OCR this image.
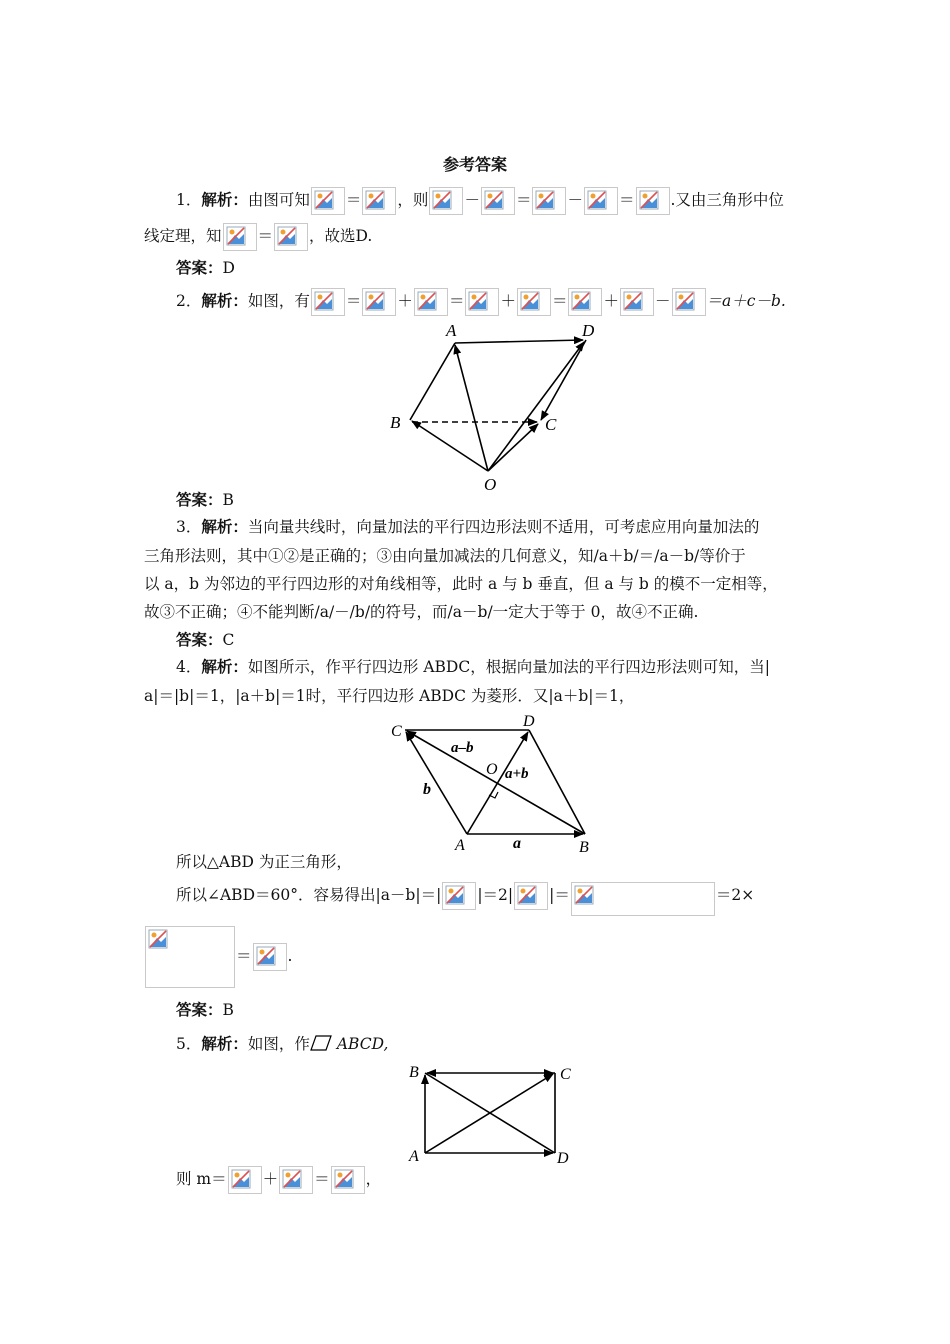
参考答案
1．解析：由图可知 ＝ ，则 － ＝ － ＝ .又由三角形中位
线定理，知 ＝ ，故选D.
答案：D
2．解析：如图，有 ＝ ＋ ＝ ＋ ＝ ＋ － ＝a＋c－b.
A	D
B	C
O
答案：B
3．解析：当向量共线时，向量加法的平行四边形法则不适用，可考虑应用向量加法的
三角形法则，其中①②是正确的；③由向量加减法的几何意义，知/a＋b/＝/a－b/等价于
以 a，b 为邻边的平行四边形的对角线相等，此时 a 与 b 垂直，但 a 与 b 的模不一定相等，
故③不正确；④不能判断/a/－/b/的符号，而/a－b/一定大于等于 0，故④不正确.
答案：C
4．解析：如图所示，作平行四边形 ABDC，根据向量加法的平行四边形法则可知，当|
a|＝|b|＝1，|a＋b|＝1时，平行四边形 ABDC 为菱形．又|a＋b|＝1，
C
D
A	B
O
a–b
a+b
b
a
所以△ABD 为正三角形，
所以∠ABD＝60°．容易得出|a－b|＝| |＝2| |＝	＝2×
＝ .
答案：B
5．解析：如图，作 ABCD,
B	C
A	D
则 m＝ ＋ ＝ ，
